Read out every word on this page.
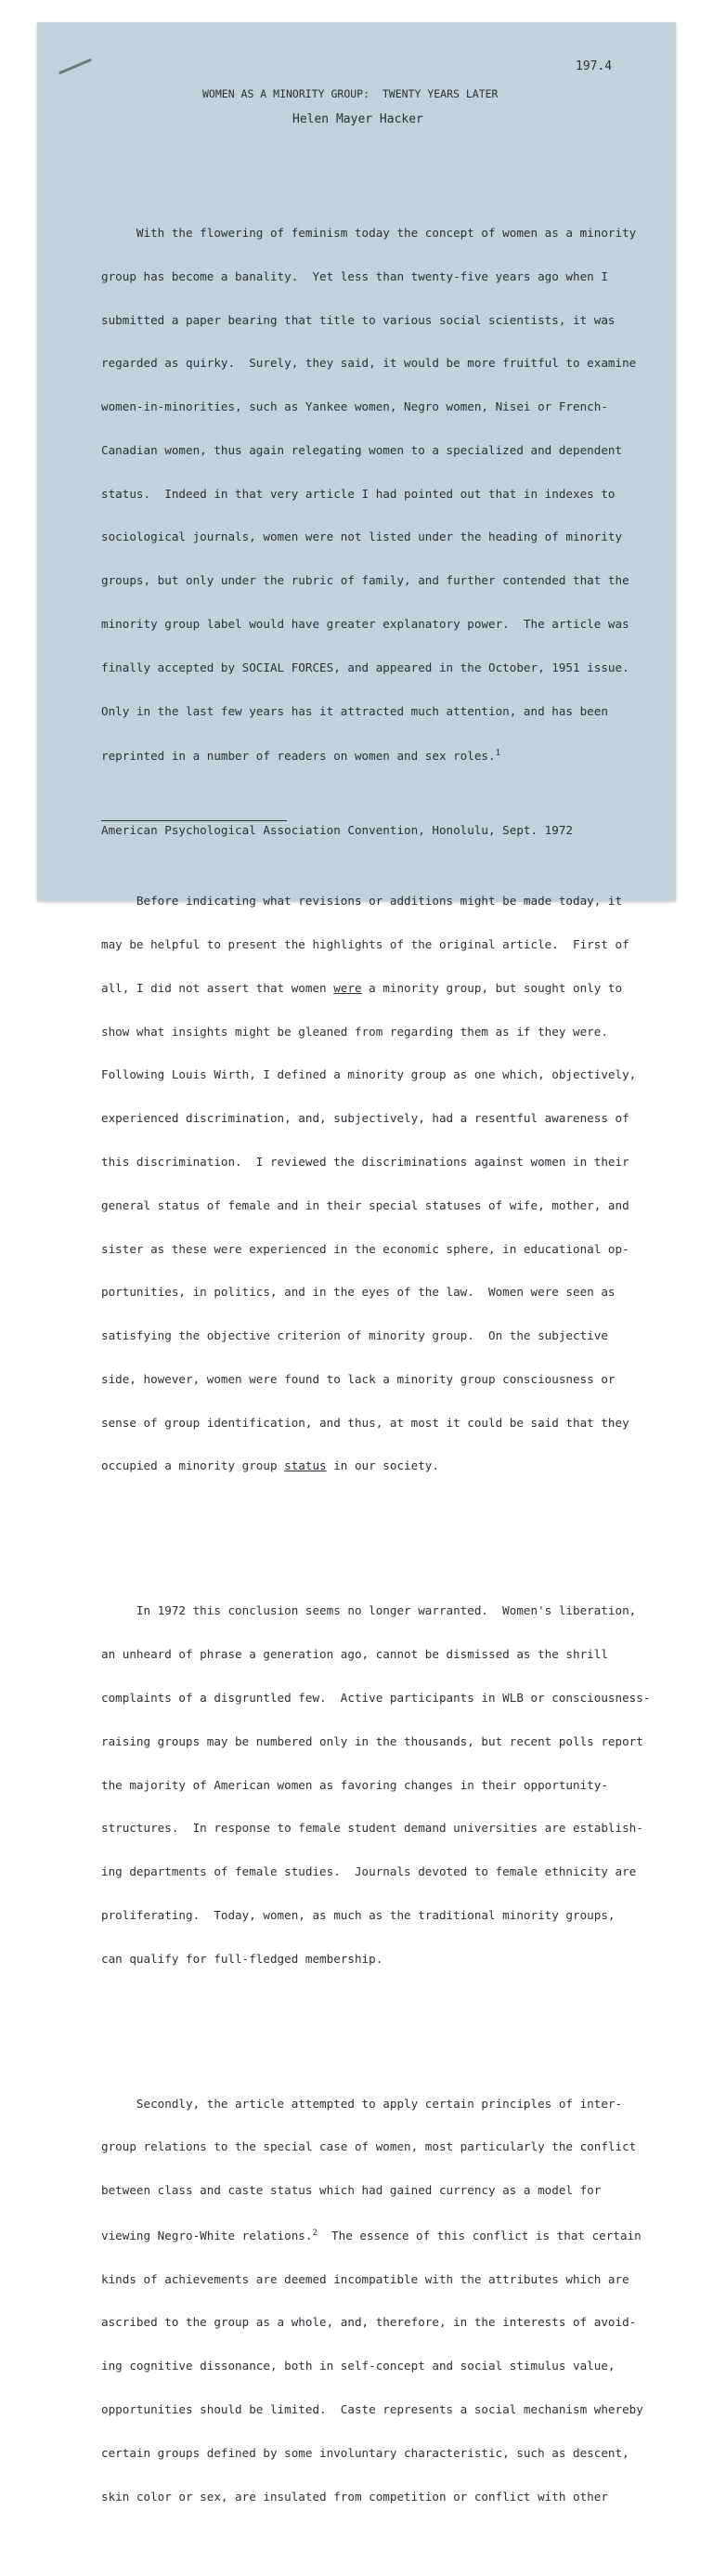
197.4
WOMEN AS A MINORITY GROUP:  TWENTY YEARS LATER
Helen Mayer Hacker

With the flowering of feminism today the concept of women as a minority

group has become a banality.  Yet less than twenty-five years ago when I

submitted a paper bearing that title to various social scientists, it was

regarded as quirky.  Surely, they said, it would be more fruitful to examine

women-in-minorities, such as Yankee women, Negro women, Nisei or French-

Canadian women, thus again relegating women to a specialized and dependent

status.  Indeed in that very article I had pointed out that in indexes to

sociological journals, women were not listed under the heading of minority

groups, but only under the rubric of family, and further contended that the

minority group label would have greater explanatory power.  The article was

finally accepted by SOCIAL FORCES, and appeared in the October, 1951 issue.

Only in the last few years has it attracted much attention, and has been

reprinted in a number of readers on women and sex roles.$^1$

Before indicating what revisions or additions might be made today, it

may be helpful to present the highlights of the original article.  First of

all, I did not assert that women were a minority group, but sought only to

show what insights might be gleaned from regarding them as if they were.

Following Louis Wirth, I defined a minority group as one which, objectively,

experienced discrimination, and, subjectively, had a resentful awareness of

this discrimination.  I reviewed the discriminations against women in their

general status of female and in their special statuses of wife, mother, and

sister as these were experienced in the economic sphere, in educational op-

portunities, in politics, and in the eyes of the law.  Women were seen as

satisfying the objective criterion of minority group.  On the subjective

side, however, women were found to lack a minority group consciousness or

sense of group identification, and thus, at most it could be said that they

occupied a minority group status in our society.

In 1972 this conclusion seems no longer warranted.  Women's liberation,

an unheard of phrase a generation ago, cannot be dismissed as the shrill

complaints of a disgruntled few.  Active participants in WLB or consciousness-

raising groups may be numbered only in the thousands, but recent polls report

the majority of American women as favoring changes in their opportunity-

structures.  In response to female student demand universities are establish-

ing departments of female studies.  Journals devoted to female ethnicity are

proliferating.  Today, women, as much as the traditional minority groups,

can qualify for full-fledged membership.

Secondly, the article attempted to apply certain principles of inter-

group relations to the special case of women, most particularly the conflict

between class and caste status which had gained currency as a model for

viewing Negro-White relations.$^2$  The essence of this conflict is that certain

kinds of achievements are deemed incompatible with the attributes which are

ascribed to the group as a whole, and, therefore, in the interests of avoid-

ing cognitive dissonance, both in self-concept and social stimulus value,

opportunities should be limited.  Caste represents a social mechanism whereby

certain groups defined by some involuntary characteristic, such as descent,

skin color or sex, are insulated from competition or conflict with other

American Psychological Association Convention, Honolulu, Sept. 1972
